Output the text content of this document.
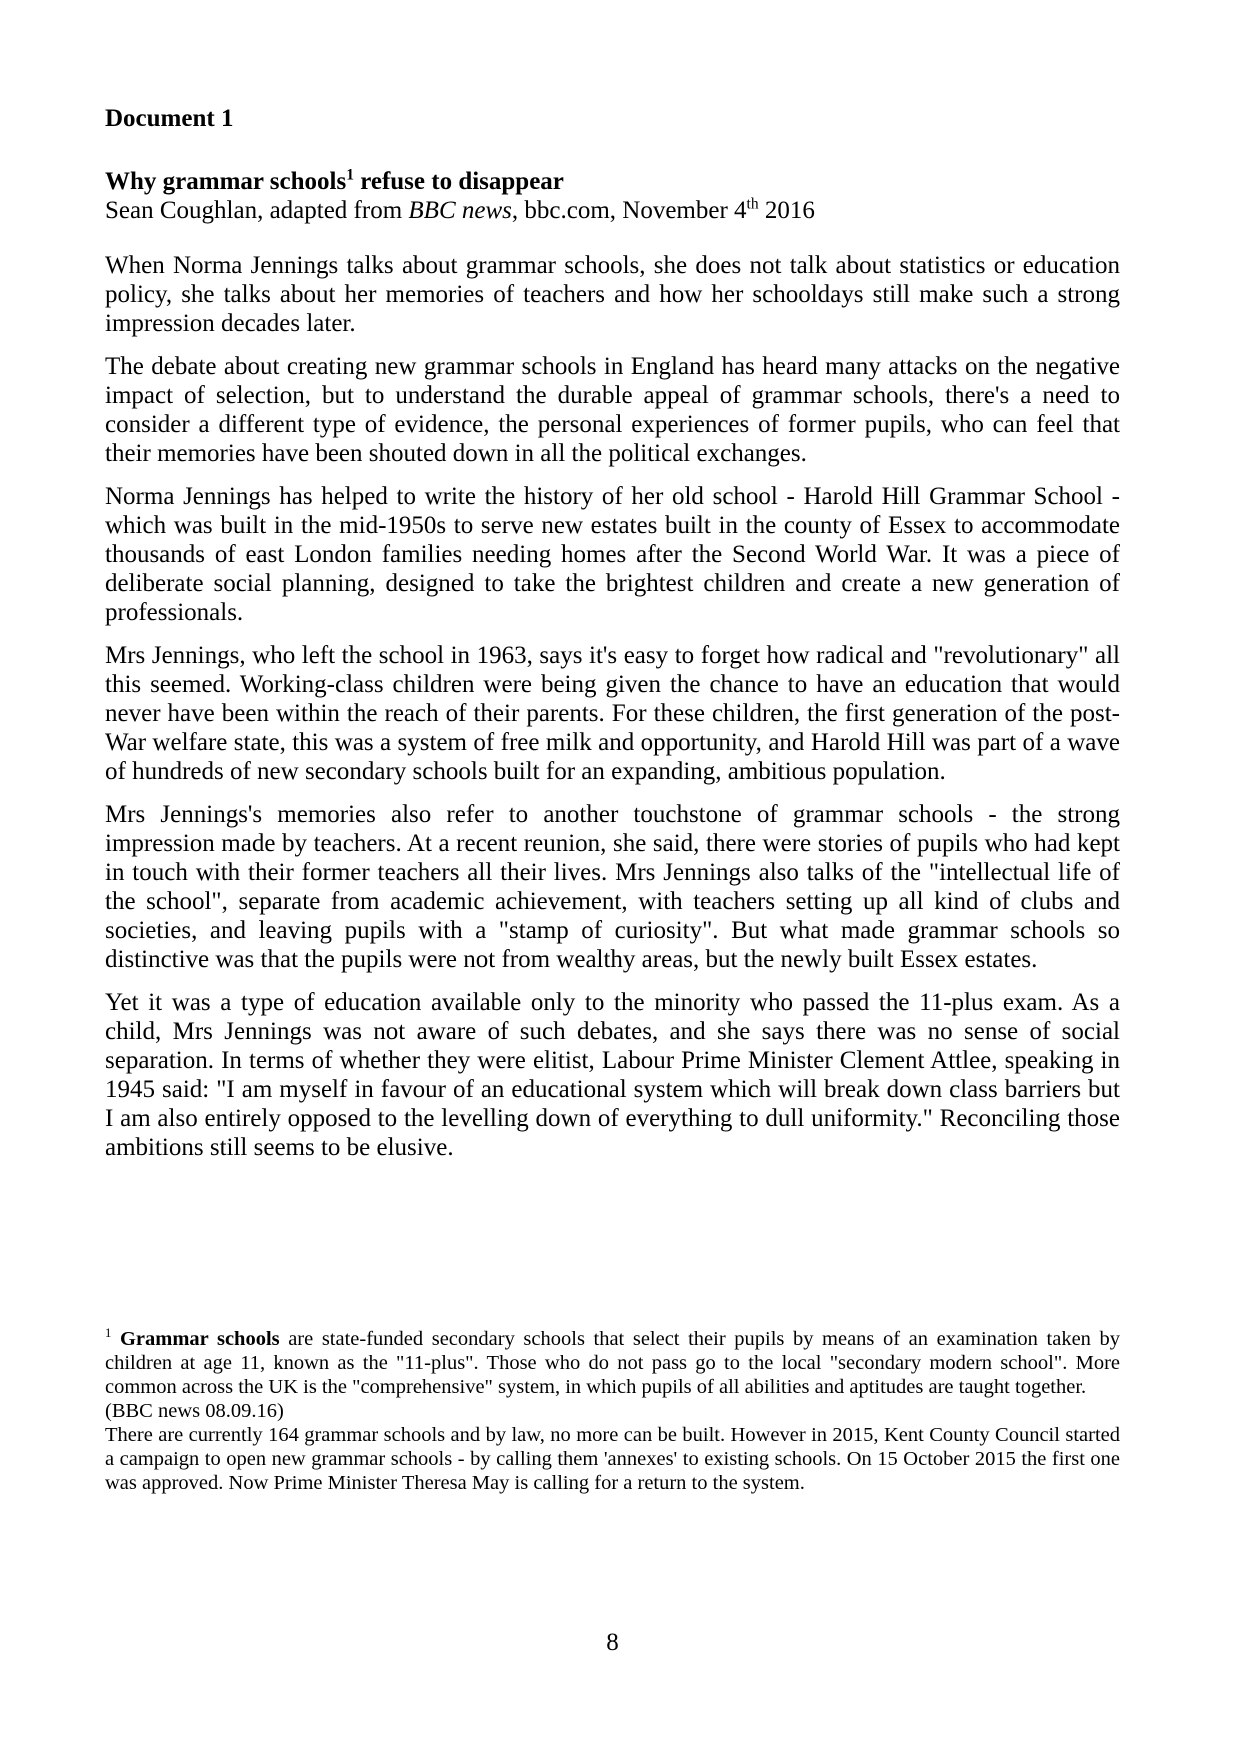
Document 1
Why grammar schools$^1$ refuse to disappear
Sean Coughlan, adapted from BBC news, bbc.com, November 4th 2016

When Norma Jennings talks about grammar schools, she does not talk about statistics or education policy, she talks about her memories of teachers and how her schooldays still make such a strong impression decades later.

The debate about creating new grammar schools in England has heard many attacks on the negative impact of selection, but to understand the durable appeal of grammar schools, there's a need to consider a different type of evidence, the personal experiences of former pupils, who can feel that their memories have been shouted down in all the political exchanges.

Norma Jennings has helped to write the history of her old school - Harold Hill Grammar School - which was built in the mid-1950s to serve new estates built in the county of Essex to accommodate thousands of east London families needing homes after the Second World War. It was a piece of deliberate social planning, designed to take the brightest children and create a new generation of professionals.

Mrs Jennings, who left the school in 1963, says it's easy to forget how radical and "revolutionary" all this seemed. Working-class children were being given the chance to have an education that would never have been within the reach of their parents. For these children, the first generation of the post-War welfare state, this was a system of free milk and opportunity, and Harold Hill was part of a wave of hundreds of new secondary schools built for an expanding, ambitious population.

Mrs Jennings's memories also refer to another touchstone of grammar schools - the strong impression made by teachers. At a recent reunion, she said, there were stories of pupils who had kept in touch with their former teachers all their lives. Mrs Jennings also talks of the "intellectual life of the school", separate from academic achievement, with teachers setting up all kind of clubs and societies, and leaving pupils with a "stamp of curiosity". But what made grammar schools so distinctive was that the pupils were not from wealthy areas, but the newly built Essex estates.

Yet it was a type of education available only to the minority who passed the 11-plus exam. As a child, Mrs Jennings was not aware of such debates, and she says there was no sense of social separation. In terms of whether they were elitist, Labour Prime Minister Clement Attlee, speaking in 1945 said: "I am myself in favour of an educational system which will break down class barriers but I am also entirely opposed to the levelling down of everything to dull uniformity." Reconciling those ambitions still seems to be elusive.

$^1$ Grammar schools are state-funded secondary schools that select their pupils by means of an examination taken by children at age 11, known as the "11-plus". Those who do not pass go to the local "secondary modern school". More common across the UK is the "comprehensive" system, in which pupils of all abilities and aptitudes are taught together.
(BBC news 08.09.16)
There are currently 164 grammar schools and by law, no more can be built. However in 2015, Kent County Council started a campaign to open new grammar schools - by calling them 'annexes' to existing schools. On 15 October 2015 the first one was approved. Now Prime Minister Theresa May is calling for a return to the system.
8
